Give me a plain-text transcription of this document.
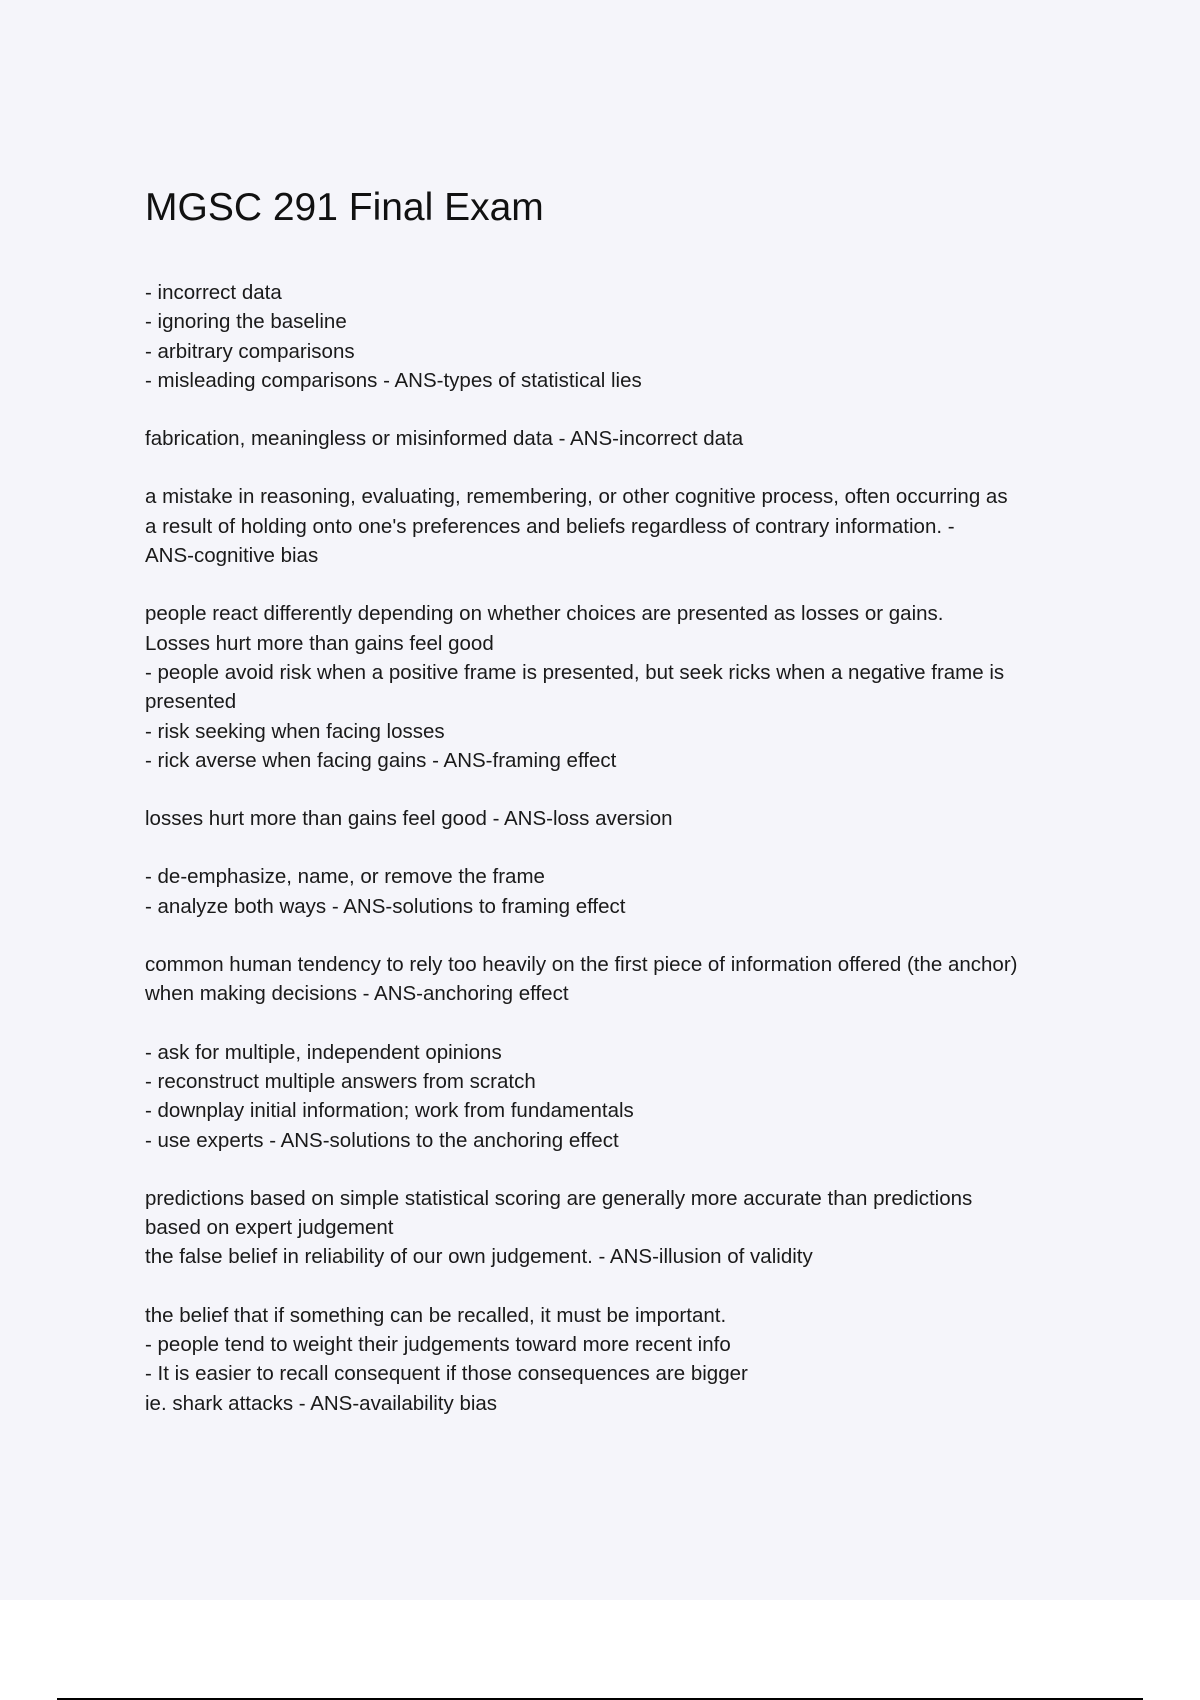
MGSC 291 Final Exam
- incorrect data
- ignoring the baseline
- arbitrary comparisons
- misleading comparisons - ANS-types of statistical lies
fabrication, meaningless or misinformed data - ANS-incorrect data
a mistake in reasoning, evaluating, remembering, or other cognitive process, often occurring as
a result of holding onto one's preferences and beliefs regardless of contrary information. -
ANS-cognitive bias
people react differently depending on whether choices are presented as losses or gains.
Losses hurt more than gains feel good
- people avoid risk when a positive frame is presented, but seek ricks when a negative frame is
presented
- risk seeking when facing losses
- rick averse when facing gains - ANS-framing effect
losses hurt more than gains feel good - ANS-loss aversion
- de-emphasize, name, or remove the frame
- analyze both ways - ANS-solutions to framing effect
common human tendency to rely too heavily on the first piece of information offered (the anchor)
when making decisions - ANS-anchoring effect
- ask for multiple, independent opinions
- reconstruct multiple answers from scratch
- downplay initial information; work from fundamentals
- use experts - ANS-solutions to the anchoring effect
predictions based on simple statistical scoring are generally more accurate than predictions
based on expert judgement
the false belief in reliability of our own judgement. - ANS-illusion of validity
the belief that if something can be recalled, it must be important.
- people tend to weight their judgements toward more recent info
- It is easier to recall consequent if those consequences are bigger
ie. shark attacks - ANS-availability bias
